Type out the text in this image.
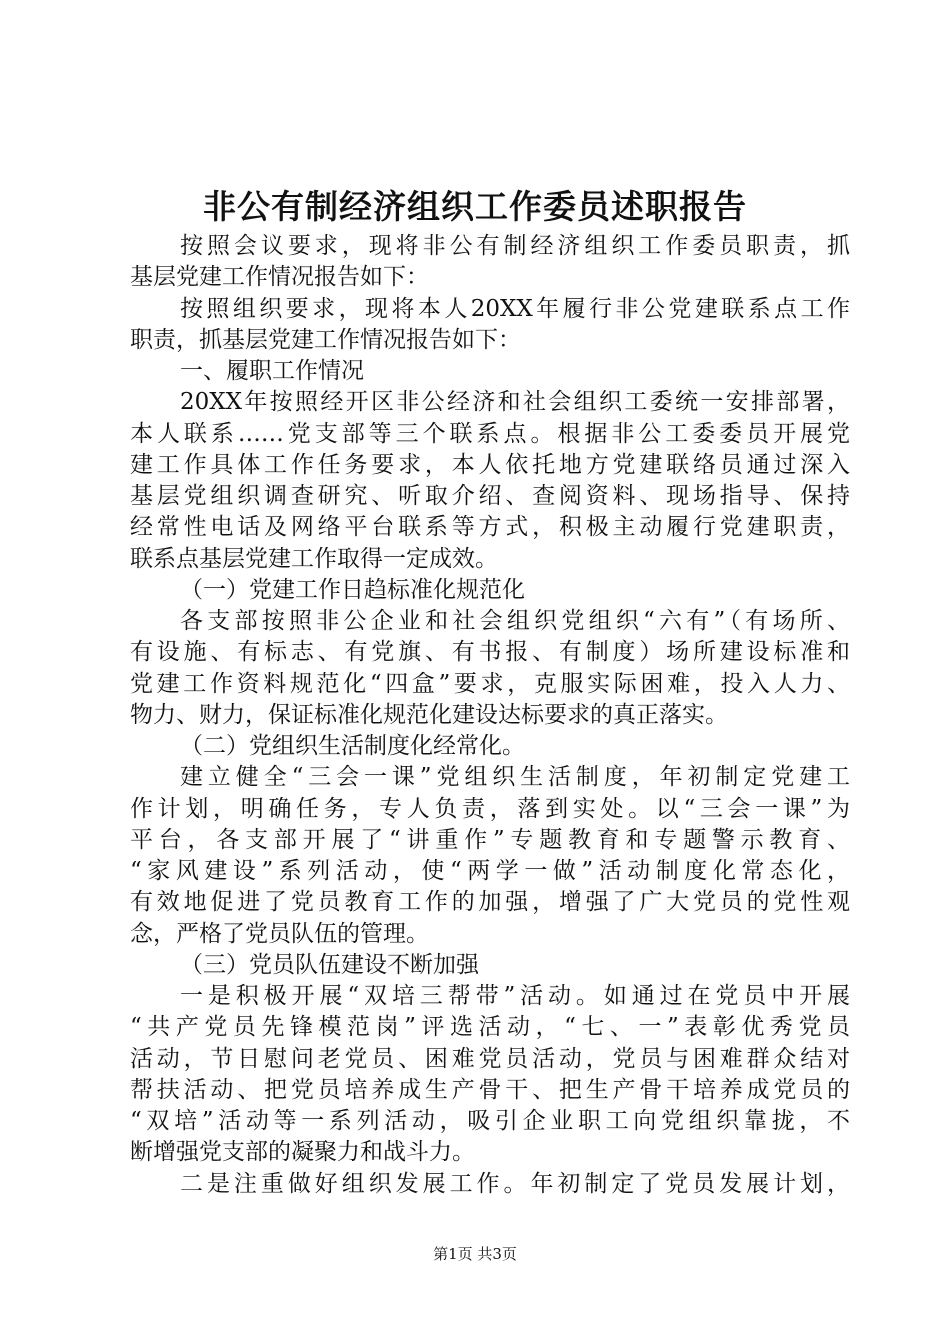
非公有制经济组织工作委员述职报告
按照会议要求，现将非公有制经济组织工作委员职责，抓
基层党建工作情况报告如下：
按照组织要求，现将本人20XX年履行非公党建联系点工作
职责，抓基层党建工作情况报告如下：
一、履职工作情况
20XX年按照经开区非公经济和社会组织工委统一安排部署，
本人联系……党支部等三个联系点。根据非公工委委员开展党
建工作具体工作任务要求，本人依托地方党建联络员通过深入
基层党组织调查研究、听取介绍、查阅资料、现场指导、保持
经常性电话及网络平台联系等方式，积极主动履行党建职责，
联系点基层党建工作取得一定成效。
（一）党建工作日趋标准化规范化
各支部按照非公企业和社会组织党组织“六有”（有场所、
有设施、有标志、有党旗、有书报、有制度）场所建设标准和
党建工作资料规范化“四盒”要求，克服实际困难，投入人力、
物力、财力，保证标准化规范化建设达标要求的真正落实。
（二）党组织生活制度化经常化。
建立健全“三会一课”党组织生活制度，年初制定党建工
作计划，明确任务，专人负责，落到实处。以“三会一课”为
平台，各支部开展了“讲重作”专题教育和专题警示教育、
“家风建设”系列活动，使“两学一做”活动制度化常态化，
有效地促进了党员教育工作的加强，增强了广大党员的党性观
念，严格了党员队伍的管理。
（三）党员队伍建设不断加强
一是积极开展“双培三帮带”活动。如通过在党员中开展
“共产党员先锋模范岗”评选活动，“七、一”表彰优秀党员
活动，节日慰问老党员、困难党员活动，党员与困难群众结对
帮扶活动、把党员培养成生产骨干、把生产骨干培养成党员的
“双培”活动等一系列活动，吸引企业职工向党组织靠拢，不
断增强党支部的凝聚力和战斗力。
二是注重做好组织发展工作。年初制定了党员发展计划，
第1页 共3页
